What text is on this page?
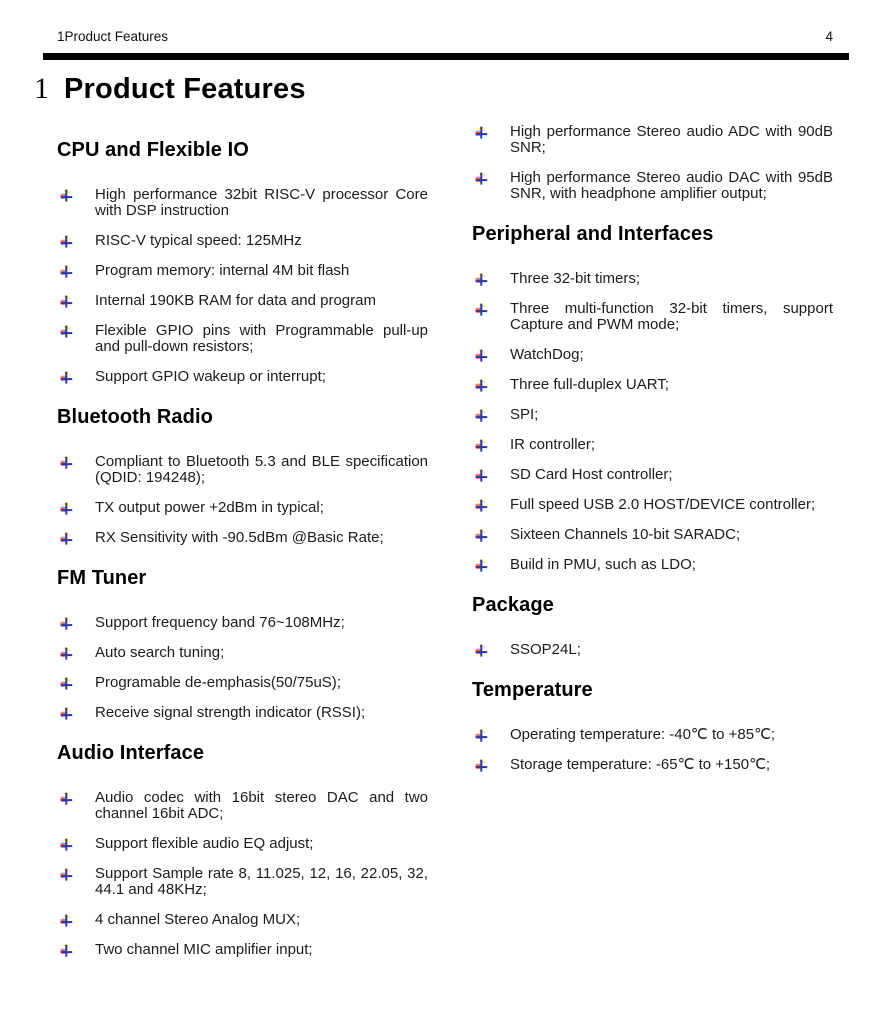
1Product Features	4
1 Product Features
CPU and Flexible IO
High performance 32bit RISC-V processor Core with DSP instruction
RISC-V typical speed: 125MHz
Program memory: internal 4M bit flash
Internal 190KB RAM for data and program
Flexible GPIO pins with Programmable pull-up and pull-down resistors;
Support GPIO wakeup or interrupt;
Bluetooth Radio
Compliant to Bluetooth 5.3 and BLE specification (QDID: 194248);
TX output power +2dBm in typical;
RX Sensitivity with -90.5dBm @Basic Rate;
FM Tuner
Support frequency band 76~108MHz;
Auto search tuning;
Programable de-emphasis(50/75uS);
Receive signal strength indicator (RSSI);
Audio Interface
Audio codec with 16bit stereo DAC and two channel 16bit ADC;
Support flexible audio EQ adjust;
Support Sample rate 8, 11.025, 12, 16, 22.05, 32, 44.1 and 48KHz;
4 channel Stereo Analog MUX;
Two channel MIC amplifier input;
High performance Stereo audio ADC with 90dB SNR;
High performance Stereo audio DAC with 95dB SNR, with headphone amplifier output;
Peripheral and Interfaces
Three 32-bit timers;
Three multi-function 32-bit timers, support Capture and PWM mode;
WatchDog;
Three full-duplex UART;
SPI;
IR controller;
SD Card Host controller;
Full speed USB 2.0 HOST/DEVICE controller;
Sixteen Channels 10-bit SARADC;
Build in PMU, such as LDO;
Package
SSOP24L;
Temperature
Operating temperature: -40℃ to +85℃;
Storage temperature: -65℃ to +150℃;
